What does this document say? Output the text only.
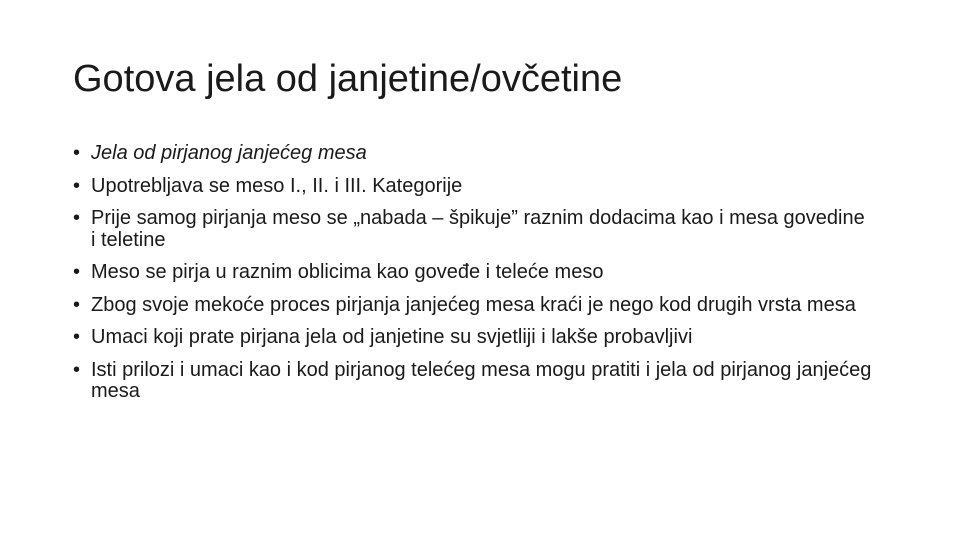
Gotova jela od janjetine/ovčetine
• Jela od pirjanog janjećeg mesa
• Upotrebljava se meso I., II. i III. Kategorije
• Prije samog pirjanja meso se „nabada – špikuje” raznim dodacima kao i mesa govedine i teletine
• Meso se pirja u raznim oblicima kao goveđe i teleće meso
• Zbog svoje mekoće proces pirjanja janjećeg mesa kraći je nego kod drugih vrsta mesa
• Umaci koji prate pirjana jela od janjetine su svjetliji i lakše probavljivi
• Isti prilozi i umaci kao i kod pirjanog telećeg mesa mogu pratiti i jela od pirjanog janjećeg mesa
